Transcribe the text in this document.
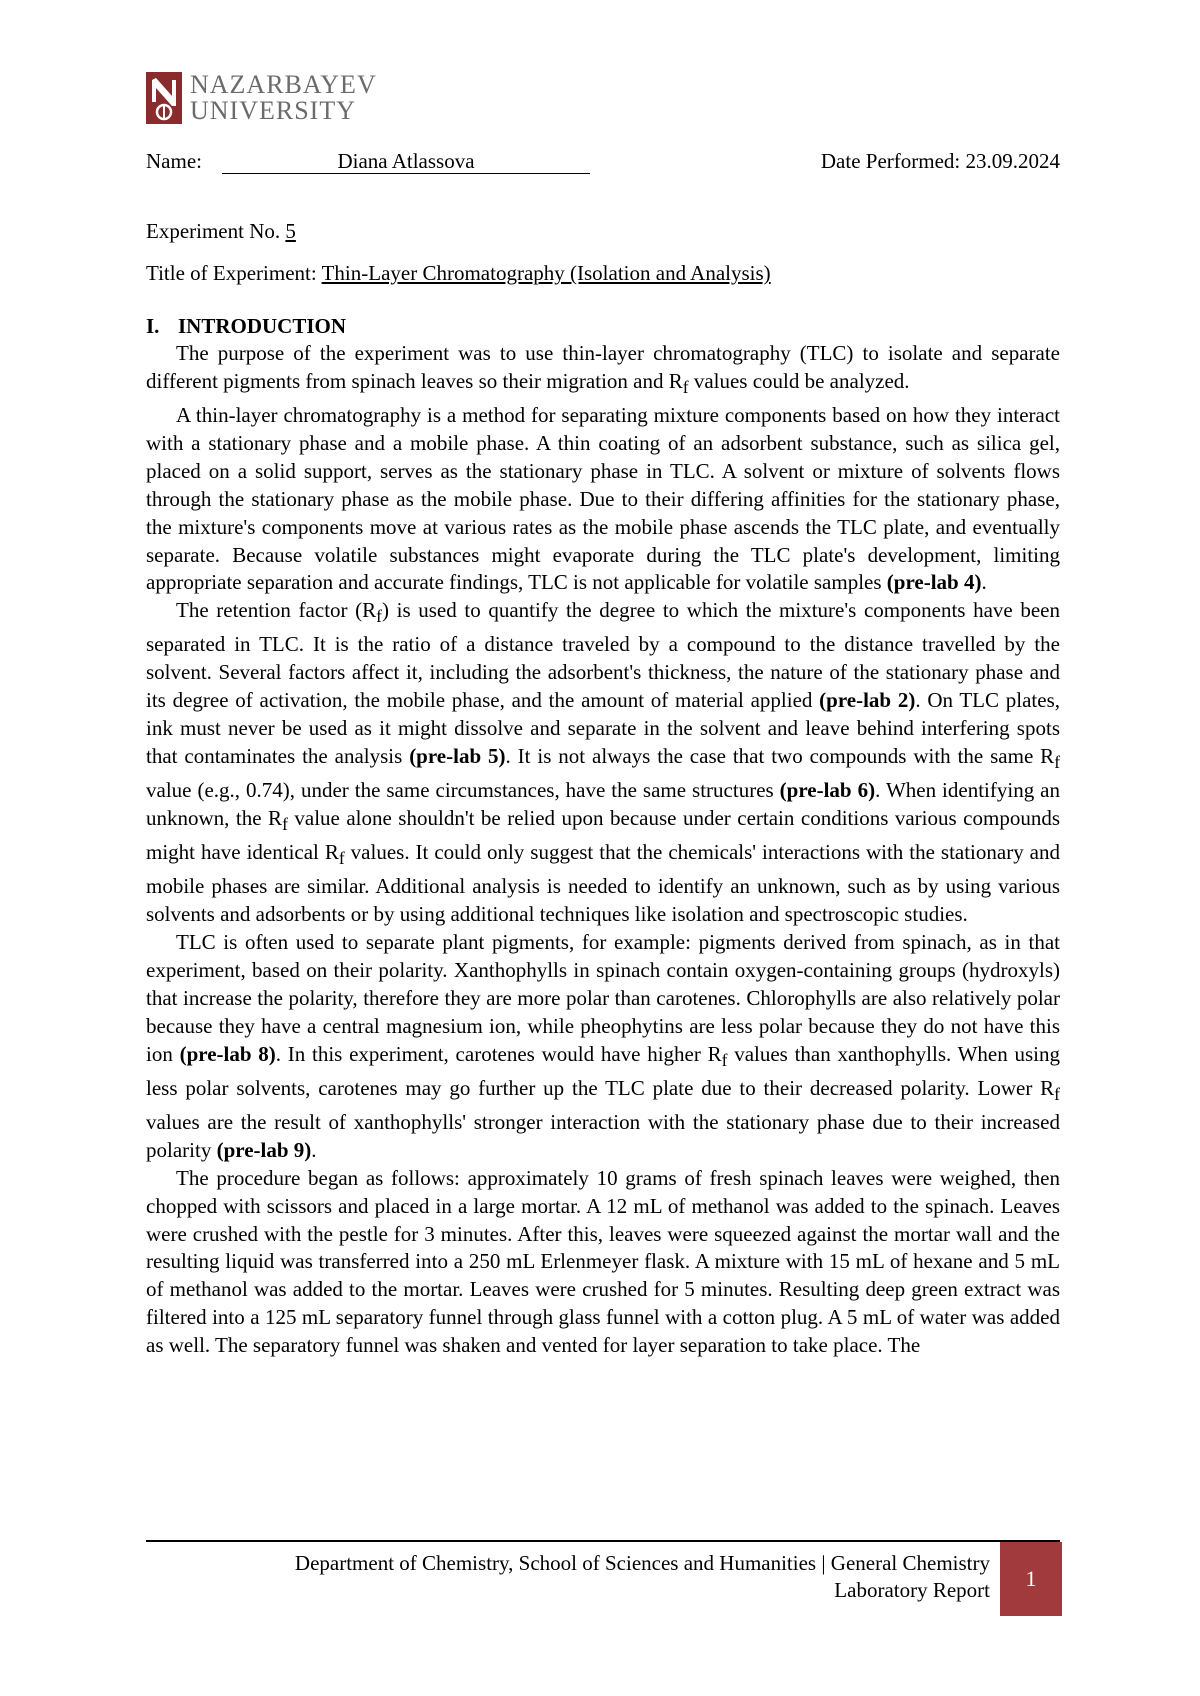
NAZARBAYEV
UNIVERSITY
Name:	Diana Atlassova	Date Performed: 23.09.2024
Experiment No. 5
Title of Experiment: Thin-Layer Chromatography (Isolation and Analysis)
I. INTRODUCTION

The purpose of the experiment was to use thin-layer chromatography (TLC) to isolate and separate different pigments from spinach leaves so their migration and $R_f$ values could be analyzed.

A thin-layer chromatography is a method for separating mixture components based on how they interact with a stationary phase and a mobile phase. A thin coating of an adsorbent substance, such as silica gel, placed on a solid support, serves as the stationary phase in TLC. A solvent or mixture of solvents flows through the stationary phase as the mobile phase. Due to their differing affinities for the stationary phase, the mixture's components move at various rates as the mobile phase ascends the TLC plate, and eventually separate. Because volatile substances might evaporate during the TLC plate's development, limiting appropriate separation and accurate findings, TLC is not applicable for volatile samples (pre-lab 4).

The retention factor $(R_f)$ is used to quantify the degree to which the mixture's components have been separated in TLC. It is the ratio of a distance traveled by a compound to the distance travelled by the solvent. Several factors affect it, including the adsorbent's thickness, the nature of the stationary phase and its degree of activation, the mobile phase, and the amount of material applied (pre-lab 2). On TLC plates, ink must never be used as it might dissolve and separate in the solvent and leave behind interfering spots that contaminates the analysis (pre-lab 5). It is not always the case that two compounds with the same $R_f$ value (e.g., 0.74), under the same circumstances, have the same structures (pre-lab 6). When identifying an unknown, the $R_f$ value alone shouldn't be relied upon because under certain conditions various compounds might have identical $R_f$ values. It could only suggest that the chemicals' interactions with the stationary and mobile phases are similar. Additional analysis is needed to identify an unknown, such as by using various solvents and adsorbents or by using additional techniques like isolation and spectroscopic studies.

TLC is often used to separate plant pigments, for example: pigments derived from spinach, as in that experiment, based on their polarity. Xanthophylls in spinach contain oxygen-containing groups (hydroxyls) that increase the polarity, therefore they are more polar than carotenes. Chlorophylls are also relatively polar because they have a central magnesium ion, while pheophytins are less polar because they do not have this ion (pre-lab 8). In this experiment, carotenes would have higher $R_f$ values than xanthophylls. When using less polar solvents, carotenes may go further up the TLC plate due to their decreased polarity. Lower $R_f$ values are the result of xanthophylls' stronger interaction with the stationary phase due to their increased polarity (pre-lab 9).

The procedure began as follows: approximately 10 grams of fresh spinach leaves were weighed, then chopped with scissors and placed in a large mortar. A 12 mL of methanol was added to the spinach. Leaves were crushed with the pestle for 3 minutes. After this, leaves were squeezed against the mortar wall and the resulting liquid was transferred into a 250 mL Erlenmeyer flask. A mixture with 15 mL of hexane and 5 mL of methanol was added to the mortar. Leaves were crushed for 5 minutes. Resulting deep green extract was filtered into a 125 mL separatory funnel through glass funnel with a cotton plug. A 5 mL of water was added as well. The separatory funnel was shaken and vented for layer separation to take place. The

Department of Chemistry, School of Sciences and Humanities | General Chemistry
Laboratory Report 1
